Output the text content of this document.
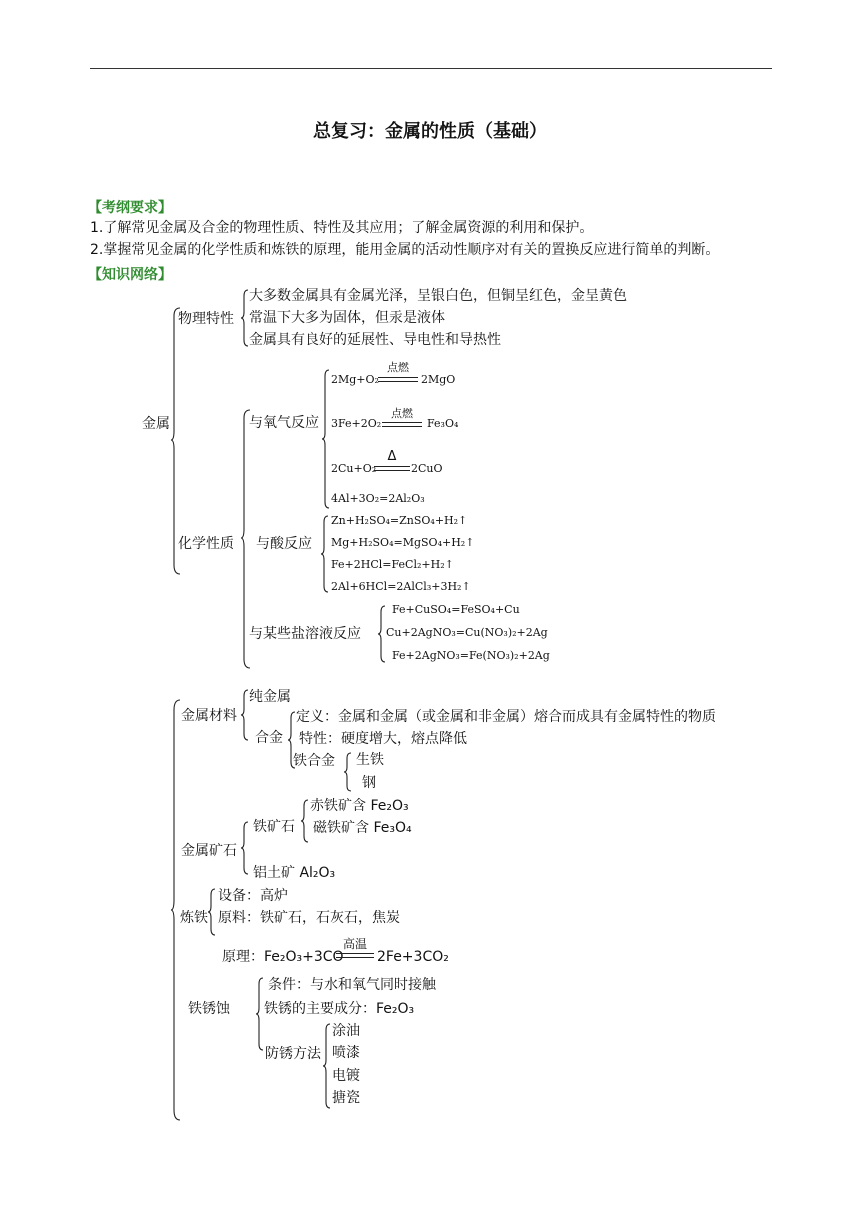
总复习：金属的性质（基础）
【考纲要求】
1.了解常见金属及合金的物理性质、特性及其应用；了解金属资源的利用和保护。
2.掌握常见金属的化学性质和炼铁的原理，能用金属的活动性顺序对有关的置换反应进行简单的判断。
【知识网络】
金属
物理特性
大多数金属具有金属光泽，呈银白色，但铜呈红色，金呈黄色
常温下大多为固体，但汞是液体
金属具有良好的延展性、导电性和导热性
化学性质
与氧气反应
2Mg+O₂
点燃
2MgO
3Fe+2O₂
点燃
Fe₃O₄
2Cu+O₂
Δ
2CuO
4Al+3O₂=2Al₂O₃
与酸反应
Zn+H₂SO₄=ZnSO₄+H₂↑
Mg+H₂SO₄=MgSO₄+H₂↑
Fe+2HCl=FeCl₂+H₂↑
2Al+6HCl=2AlCl₃+3H₂↑
与某些盐溶液反应
Fe+CuSO₄=FeSO₄+Cu
Cu+2AgNO₃=Cu(NO₃)₂+2Ag
Fe+2AgNO₃=Fe(NO₃)₂+2Ag
金属材料
纯金属
合金
定义：金属和金属（或金属和非金属）熔合而成具有金属特性的物质
特性：硬度增大，熔点降低
铁合金 生铁
钢
金属矿石
铁矿石
赤铁矿含 Fe₂O₃
磁铁矿含 Fe₃O₄
铝土矿 Al₂O₃
炼铁
设备：高炉
原料：铁矿石，石灰石，焦炭
原理：Fe₂O₃+3CO
高温
2Fe+3CO₂
铁锈蚀
条件：与水和氧气同时接触
铁锈的主要成分：Fe₂O₃
防锈方法
涂油
喷漆
电镀
搪瓷
